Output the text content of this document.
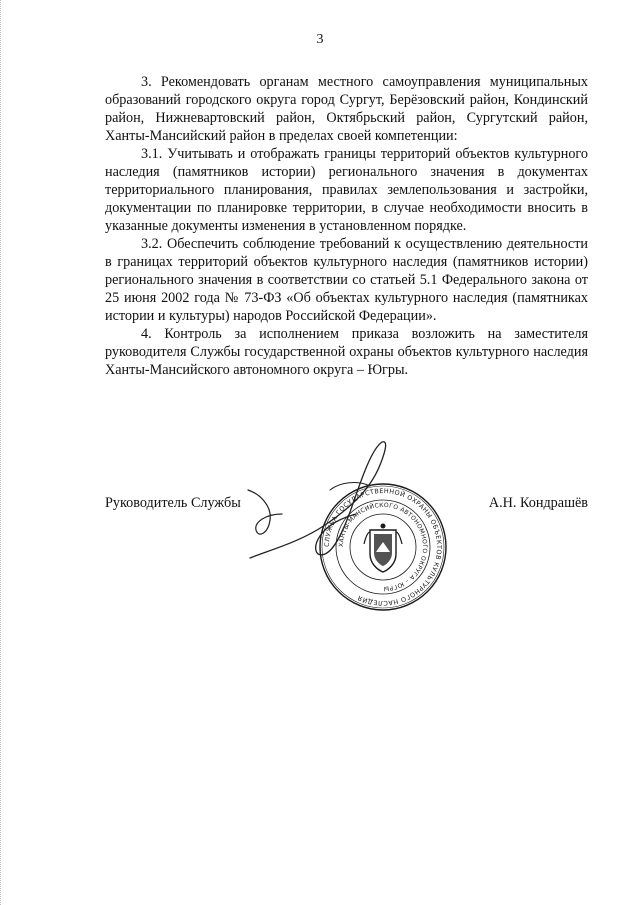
3

3. Рекомендовать органам местного самоуправления муниципальных образований городского округа город Сургут, Берёзовский район, Кондинский район, Нижневартовский район, Октябрьский район, Сургутский район, Ханты-Мансийский район в пределах своей компетенции:

3.1. Учитывать и отображать границы территорий объектов культурного наследия (памятников истории) регионального значения в документах территориального планирования, правилах землепользования и застройки, документации по планировке территории, в случае необходимости вносить в указанные документы изменения в установленном порядке.

3.2. Обеспечить соблюдение требований к осуществлению деятельности в границах территорий объектов культурного наследия (памятников истории) регионального значения в соответствии со статьей 5.1 Федерального закона от 25 июня 2002 года № 73-ФЗ «Об объектах культурного наследия (памятниках истории и культуры) народов Российской Федерации».

4. Контроль за исполнением приказа возложить на заместителя руководителя Службы государственной охраны объектов культурного наследия Ханты-Мансийского автономного округа – Югры.

Руководитель Службы	А.Н. Кондрашёв
СЛУЖБА ГОСУДАРСТВЕННОЙ ОХРАНЫ ОБЪЕКТОВ КУЛЬТУРНОГО НАСЛЕДИЯ
ХАНТЫ-МАНСИЙСКОГО АВТОНОМНОГО ОКРУГА – ЮГРЫ
